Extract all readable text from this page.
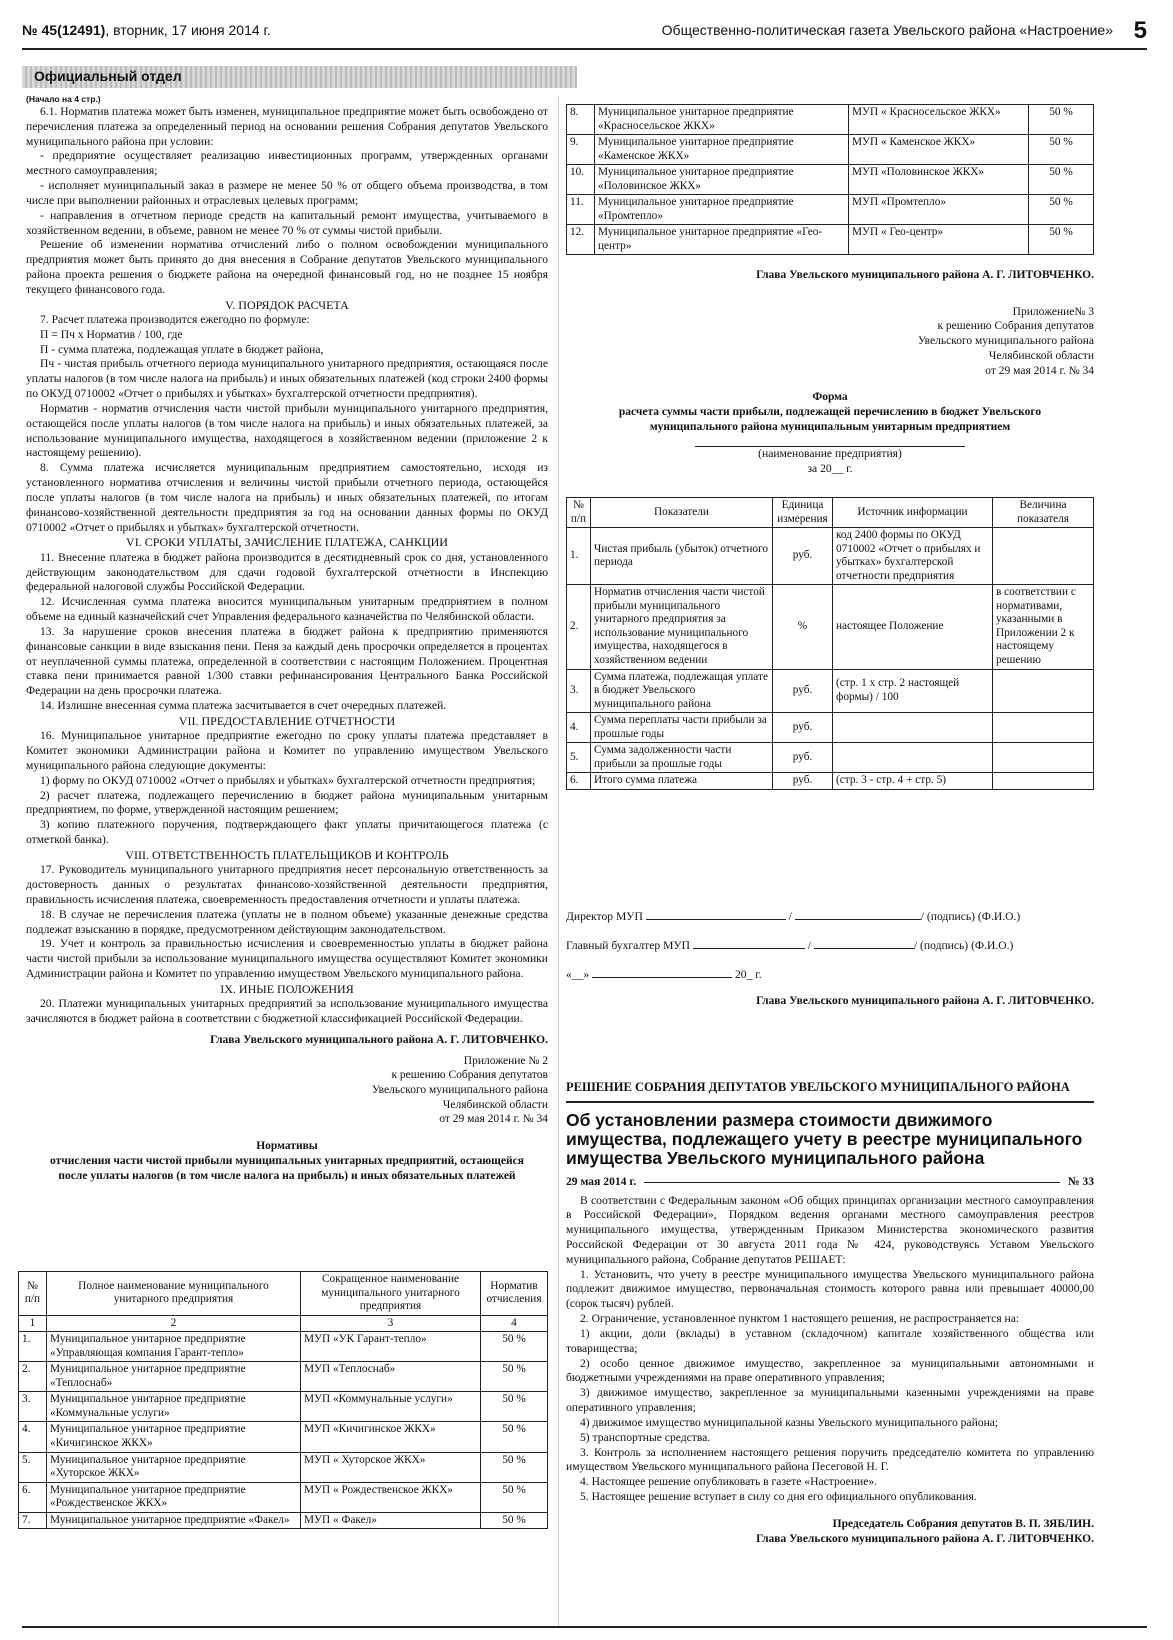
№ 45(12491), вторник, 17 июня 2014 г.	Общественно-политическая газета Увельского района «Настроение» 5
Официальный отдел
(Начало на 4 стр.)

6.1. Норматив платежа может быть изменен, муниципальное предприятие может быть освобождено от перечисления платежа за определенный период на основании решения Собрания депутатов Увельского муниципального района при условии:

- предприятие осуществляет реализацию инвестиционных программ, утвержденных органами местного самоуправления;

- исполняет муниципальный заказ в размере не менее 50 % от общего объема производства, в том числе при выполнении районных и отраслевых целевых программ;

- направления в отчетном периоде средств на капитальный ремонт имущества, учитываемого в хозяйственном ведении, в объеме, равном не менее 70 % от суммы чистой прибыли.

Решение об изменении норматива отчислений либо о полном освобождении муниципального предприятия может быть принято до дня внесения в Собрание депутатов Увельского муниципального района проекта решения о бюджете района на очередной финансовый год, но не позднее 15 ноября текущего финансового года.

V. ПОРЯДОК РАСЧЕТА

7. Расчет платежа производится ежегодно по формуле:

П = Пч х Норматив / 100, где

П - сумма платежа, подлежащая уплате в бюджет района,

Пч - чистая прибыль отчетного периода муниципального унитарного предприятия, остающаяся после уплаты налогов (в том числе налога на прибыль) и иных обязательных платежей (код строки 2400 формы по ОКУД 0710002 «Отчет о прибылях и убытках» бухгалтерской отчетности предприятия).

Норматив - норматив отчисления части чистой прибыли муниципального унитарного предприятия, остающейся после уплаты налогов (в том числе налога на прибыль) и иных обязательных платежей, за использование муниципального имущества, находящегося в хозяйственном ведении (приложение 2 к настоящему решению).

8. Сумма платежа исчисляется муниципальным предприятием самостоятельно, исходя из установленного норматива отчисления и величины чистой прибыли отчетного периода, остающейся после уплаты налогов (в том числе налога на прибыль) и иных обязательных платежей, по итогам финансово-хозяйственной деятельности предприятия за год на основании данных формы по ОКУД 0710002 «Отчет о прибылях и убытках» бухгалтерской отчетности.

VI. СРОКИ УПЛАТЫ, ЗАЧИСЛЕНИЕ ПЛАТЕЖА, САНКЦИИ

11. Внесение платежа в бюджет района производится в десятидневный срок со дня, установленного действующим законодательством для сдачи годовой бухгалтерской отчетности в Инспекцию федеральной налоговой службы Российской Федерации.

12. Исчисленная сумма платежа вносится муниципальным унитарным предприятием в полном объеме на единый казначейский счет Управления федерального казначейства по Челябинской области.

13. За нарушение сроков внесения платежа в бюджет района к предприятию применяются финансовые санкции в виде взыскания пени. Пеня за каждый день просрочки определяется в процентах от неуплаченной суммы платежа, определенной в соответствии с настоящим Положением. Процентная ставка пени принимается равной 1/300 ставки рефинансирования Центрального Банка Российской Федерации на день просрочки платежа.

14. Излишне внесенная сумма платежа засчитывается в счет очередных платежей.

VII. ПРЕДОСТАВЛЕНИЕ ОТЧЕТНОСТИ

16. Муниципальное унитарное предприятие ежегодно по сроку уплаты платежа представляет в Комитет экономики Администрации района и Комитет по управлению имуществом Увельского муниципального района следующие документы:

1) форму по ОКУД 0710002 «Отчет о прибылях и убытках» бухгалтерской отчетности предприятия;

2) расчет платежа, подлежащего перечислению в бюджет района муниципальным унитарным предприятием, по форме, утвержденной настоящим решением;

3) копию платежного поручения, подтверждающего факт уплаты причитающегося платежа (с отметкой банка).

VIII. ОТВЕТСТВЕННОСТЬ ПЛАТЕЛЬЩИКОВ И КОНТРОЛЬ

17. Руководитель муниципального унитарного предприятия несет персональную ответственность за достоверность данных о результатах финансово-хозяйственной деятельности предприятия, правильность исчисления платежа, своевременность предоставления отчетности и уплаты платежа.

18. В случае не перечисления платежа (уплаты не в полном объеме) указанные денежные средства подлежат взысканию в порядке, предусмотренном действующим законодательством.

19. Учет и контроль за правильностью исчисления и своевременностью уплаты в бюджет района части чистой прибыли за использование муниципального имущества осуществляют Комитет экономики Администрации района и Комитет по управлению имуществом Увельского муниципального района.

IX. ИНЫЕ ПОЛОЖЕНИЯ

20. Платежи муниципальных унитарных предприятий за использование муниципального имущества зачисляются в бюджет района в соответствии с бюджетной классификацией Российской Федерации.

Глава Увельского муниципального района А. Г. ЛИТОВЧЕНКО.
Приложение № 2
к решению Собрания депутатов
Увельского муниципального района
Челябинской области
от 29 мая 2014 г. № 34
Нормативы
отчисления части чистой прибыли муниципальных унитарных предприятий, остающейся после уплаты налогов (в том числе налога на прибыль) и иных обязательных платежей
№ п/п	Полное наименование муниципального унитарного предприятия	Сокращенное наименование муниципального унитарного предприятия	Норматив отчисления
1	2	3	4
1.	Муниципальное унитарное предприятие «Управляющая компания Гарант-тепло»	МУП «УК Гарант-тепло»	50 %
2.	Муниципальное унитарное предприятие «Теплоснаб»	МУП «Теплоснаб»	50 %
3.	Муниципальное унитарное предприятие «Коммунальные услуги»	МУП «Коммунальные услуги»	50 %
4.	Муниципальное унитарное предприятие «Кичигинское ЖКХ»	МУП «Кичигинское ЖКХ»	50 %
5.	Муниципальное унитарное предприятие «Хуторское ЖКХ»	МУП « Хуторское ЖКХ»	50 %
6.	Муниципальное унитарное предприятие «Рождественское ЖКХ»	МУП « Рождественское ЖКХ»	50 %
7.	Муниципальное унитарное предприятие «Факел»	МУП « Факел»	50 %
8.	Муниципальное унитарное предприятие «Красносельское ЖКХ»	МУП « Красносельское ЖКХ»	50 %
9.	Муниципальное унитарное предприятие «Каменское ЖКХ»	МУП « Каменское ЖКХ»	50 %
10.	Муниципальное унитарное предприятие «Половинское ЖКХ»	МУП «Половинское ЖКХ»	50 %
11.	Муниципальное унитарное предприятие «Промтепло»	МУП «Промтепло»	50 %
12.	Муниципальное унитарное предприятие «Гео-центр»	МУП « Гео-центр»	50 %
Глава Увельского муниципального района А. Г. ЛИТОВЧЕНКО.
Приложение№ 3
к решению Собрания депутатов
Увельского муниципального района
Челябинской области
от 29 мая 2014 г. № 34
Форма
расчета суммы части прибыли, подлежащей перечислению в бюджет Увельского муниципального района муниципальным унитарным предприятием
(наименование предприятия)
за 20__ г.
№ п/п	Показатели	Единица измерения	Источник информации	Величина показателя
1.	Чистая прибыль (убыток) отчетного периода	руб.	код 2400 формы по ОКУД 0710002 «Отчет о прибылях и убытках» бухгалтерской отчетности предприятия	
2.	Норматив отчисления части чистой прибыли муниципального унитарного предприятия за использование муниципального имущества, находящегося в хозяйственном ведении	%	настоящее Положение	в соответствии с нормативами, указанными в Приложении 2 к настоящему решению
3.	Сумма платежа, подлежащая уплате в бюджет Увельского муниципального района	руб.	(стр. 1 х стр. 2 настоящей формы) / 100	
4.	Сумма переплаты части прибыли за прошлые годы	руб.		
5.	Сумма задолженности части прибыли за прошлые годы	руб.		
6.	Итого сумма платежа	руб.	(стр. 3 - стр. 4 + стр. 5)	
Директор МУП	/	/ (подпись) (Ф.И.О.)
Главный бухгалтер МУП	/	/ (подпись) (Ф.И.О.)
«__»	20_ г.
Глава Увельского муниципального района А. Г. ЛИТОВЧЕНКО.
РЕШЕНИЕ СОБРАНИЯ ДЕПУТАТОВ УВЕЛЬСКОГО МУНИЦИПАЛЬНОГО РАЙОНА
Об установлении размера стоимости движимого имущества, подлежащего учету в реестре муниципального имущества Увельского муниципального района
29 мая 2014 г.	№ 33

В соответствии с Федеральным законом «Об общих принципах организации местного самоуправления в Российской Федерации», Порядком ведения органами местного самоуправления реестров муниципального имущества, утвержденным Приказом Министерства экономического развития Российской Федерации от 30 августа 2011 года № 424, руководствуясь Уставом Увельского муниципального района, Собрание депутатов РЕШАЕТ:

1. Установить, что учету в реестре муниципального имущества Увельского муниципального района подлежит движимое имущество, первоначальная стоимость которого равна или превышает 40000,00 (сорок тысяч) рублей.

2. Ограничение, установленное пунктом 1 настоящего решения, не распространяется на:

1) акции, доли (вклады) в уставном (складочном) капитале хозяйственного общества или товарищества;

2) особо ценное движимое имущество, закрепленное за муниципальными автономными и бюджетными учреждениями на праве оперативного управления;

3) движимое имущество, закрепленное за муниципальными казенными учреждениями на праве оперативного управления;

4) движимое имущество муниципальной казны Увельского муниципального района;

5) транспортные средства.

3. Контроль за исполнением настоящего решения поручить председателю комитета по управлению имуществом Увельского муниципального района Песеговой Н. Г.

4. Настоящее решение опубликовать в газете «Настроение».

5. Настоящее решение вступает в силу со дня его официального опубликования.

Председатель Собрания депутатов В. П. ЗЯБЛИН.
Глава Увельского муниципального района А. Г. ЛИТОВЧЕНКО.
